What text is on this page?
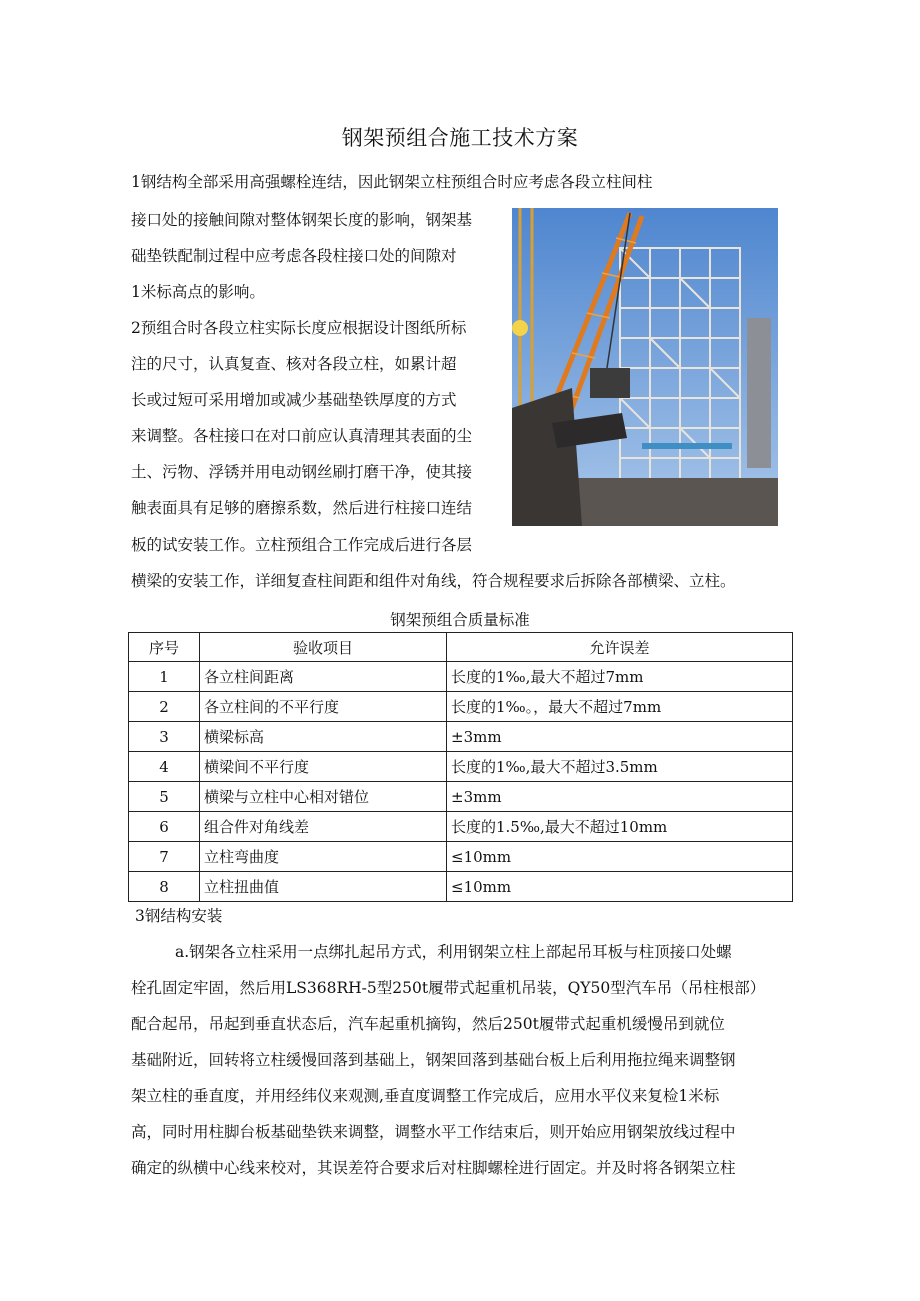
钢架预组合施工技术方案
1钢结构全部采用高强螺栓连结，因此钢架立柱预组合时应考虑各段立柱间柱
接口处的接触间隙对整体钢架长度的影响，钢架基
础垫铁配制过程中应考虑各段柱接口处的间隙对
1米标高点的影响。
2预组合时各段立柱实际长度应根据设计图纸所标
注的尺寸，认真复查、核对各段立柱，如累计超
长或过短可采用增加或减少基础垫铁厚度的方式
来调整。各柱接口在对口前应认真清理其表面的尘
土、污物、浮锈并用电动钢丝刷打磨干净，使其接
触表面具有足够的磨擦系数，然后进行柱接口连结
板的试安装工作。立柱预组合工作完成后进行各层
横梁的安装工作，详细复查柱间距和组件对角线，符合规程要求后拆除各部横梁、立柱。
钢架预组合质量标准
序号	验收项目	允许误差
1	各立柱间距离	长度的1‰,最大不超过7mm
2	各立柱间的不平行度	长度的1‰。，最大不超过7mm
3	横梁标高	±3mm
4	横梁间不平行度	长度的1‰,最大不超过3.5mm
5	横梁与立柱中心相对错位	±3mm
6	组合件对角线差	长度的1.5‰,最大不超过10mm
7	立柱弯曲度	≤10mm
8	立柱扭曲值	≤10mm
3钢结构安装
a.钢架各立柱采用一点绑扎起吊方式，利用钢架立柱上部起吊耳板与柱顶接口处螺
栓孔固定牢固，然后用LS368RH-5型250t履带式起重机吊装，QY50型汽车吊（吊柱根部）
配合起吊，吊起到垂直状态后，汽车起重机摘钩，然后250t履带式起重机缓慢吊到就位
基础附近，回转将立柱缓慢回落到基础上，钢架回落到基础台板上后利用拖拉绳来调整钢
架立柱的垂直度，并用经纬仪来观测,垂直度调整工作完成后，应用水平仪来复检1米标
高，同时用柱脚台板基础垫铁来调整，调整水平工作结束后，则开始应用钢架放线过程中
确定的纵横中心线来校对，其误差符合要求后对柱脚螺栓进行固定。并及时将各钢架立柱
